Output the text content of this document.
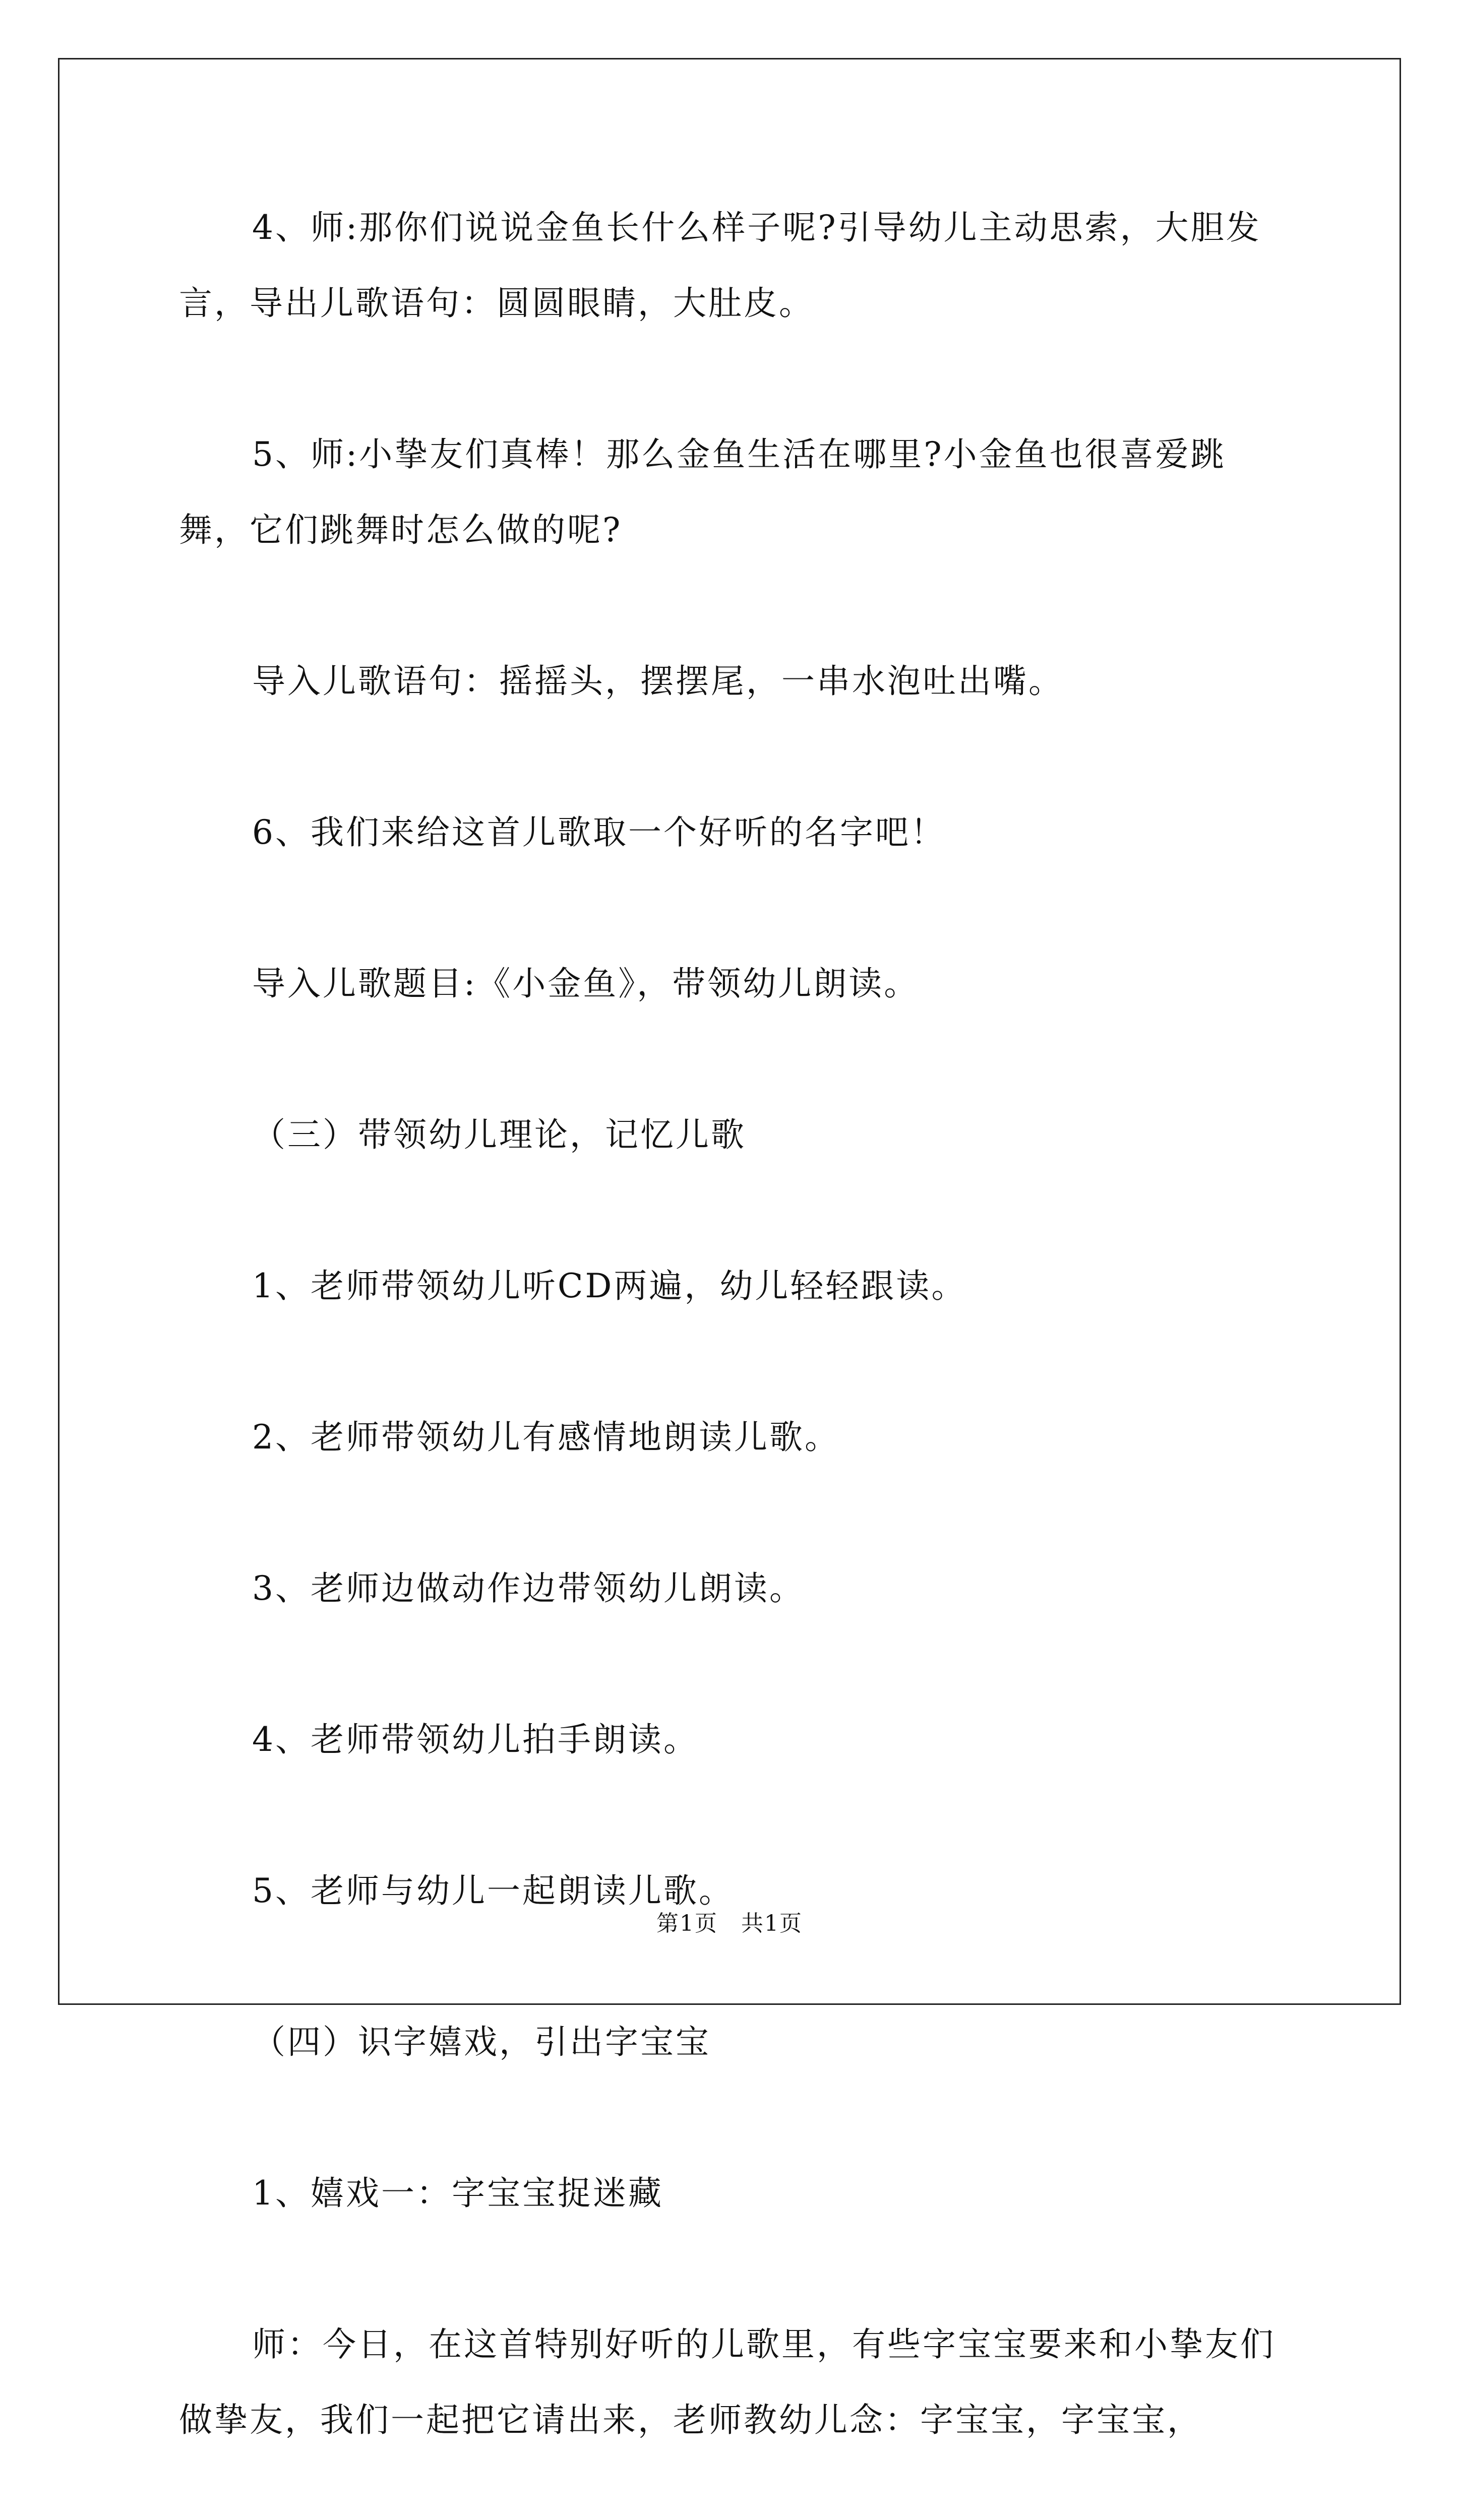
4、师:那你们说说金鱼长什么样子呢?引导幼儿主动思索，大胆发言，导出儿歌语句：圆圆眼睛，大肚皮。

5、师:小挚友们真棒！那么金鱼生活在哪里?小金鱼也很喜爱跳舞，它们跳舞时怎么做的呢?

导入儿歌语句：摇摇头，摆摆尾，一串水泡吐出嘴。

6、我们来给这首儿歌取一个好听的名字吧！

导入儿歌题目:《小金鱼》，带领幼儿朗读。

（三）带领幼儿理论，记忆儿歌

1、老师带领幼儿听CD两遍，幼儿轻轻跟读。

2、老师带领幼儿有感情地朗读儿歌。

3、老师边做动作边带领幼儿朗读。

4、老师带领幼儿拍手朗读。

5、老师与幼儿一起朗读儿歌。

（四）识字嬉戏，引出字宝宝

1、嬉戏一：字宝宝捉迷藏

师：今日，在这首特别好听的儿歌里，有些字宝宝要来和小挚友们做挚友，我们一起把它请出来，老师教幼儿念：字宝宝，字宝宝，

第1页　共1页
